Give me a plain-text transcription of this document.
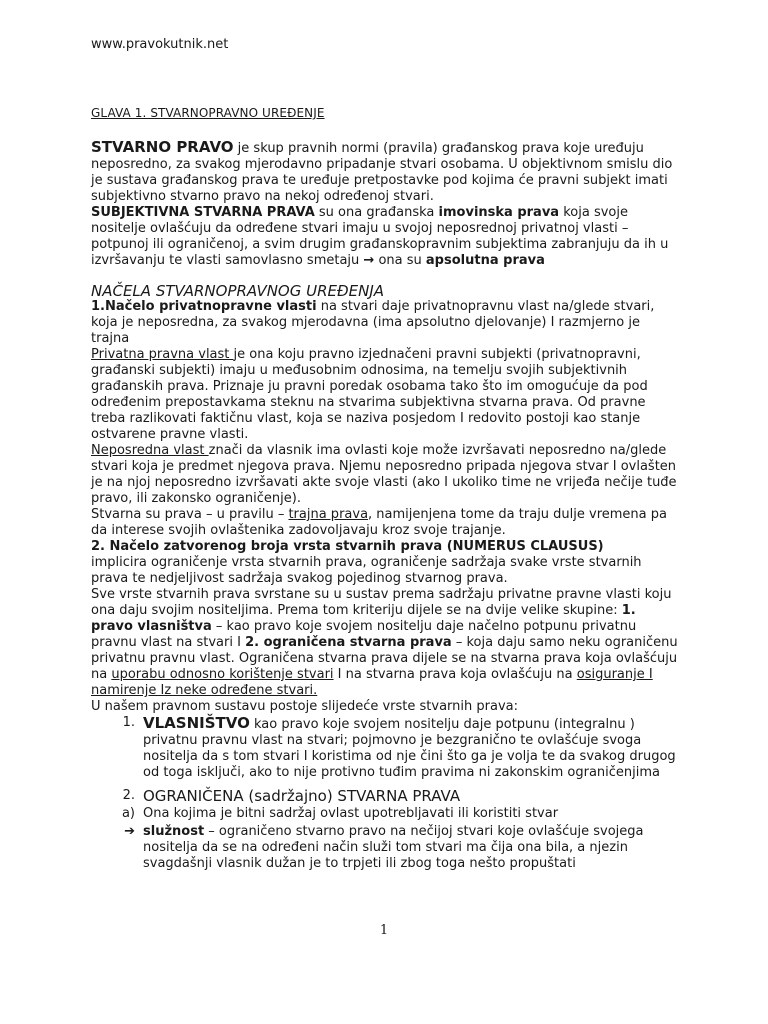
www.pravokutnik.net

GLAVA 1. STVARNOPRAVNO UREĐENJE

STVARNO PRAVO je skup pravnih normi (pravila) građanskog prava koje uređuju neposredno, za svakog mjerodavno pripadanje stvari osobama. U objektivnom smislu dio je sustava građanskog prava te uređuje pretpostavke pod kojima će pravni subjekt imati subjektivno stvarno pravo na nekoj određenoj stvari.

SUBJEKTIVNA STVARNA PRAVA su ona građanska imovinska prava koja svoje nositelje ovlašćuju da određene stvari imaju u svojoj neposrednoj privatnoj vlasti – potpunoj ili ograničenoj, a svim drugim građanskopravnim subjektima zabranjuju da ih u izvršavanju te vlasti samovlasno smetaju → ona su apsolutna prava

NAČELA STVARNOPRAVNOG UREĐENJA

1.Načelo privatnopravne vlasti na stvari daje privatnopravnu vlast na/glede stvari, koja je neposredna, za svakog mjerodavna (ima apsolutno djelovanje) I razmjerno je trajna

Privatna pravna vlast je ona koju pravno izjednačeni pravni subjekti (privatnopravni, građanski subjekti) imaju u međusobnim odnosima, na temelju svojih subjektivnih građanskih prava. Priznaje ju pravni poredak osobama tako što im omogućuje da pod određenim prepostavkama steknu na stvarima subjektivna stvarna prava. Od pravne treba razlikovati faktičnu vlast, koja se naziva posjedom I redovito postoji kao stanje ostvarene pravne vlasti.

Neposredna vlast znači da vlasnik ima ovlasti koje može izvršavati neposredno na/glede stvari koja je predmet njegova prava. Njemu neposredno pripada njegova stvar I ovlašten je na njoj neposredno izvršavati akte svoje vlasti (ako I ukoliko time ne vrijeđa nečije tuđe pravo, ili zakonsko ograničenje).

Stvarna su prava – u pravilu – trajna prava, namijenjena tome da traju dulje vremena pa da interese svojih ovlaštenika zadovoljavaju kroz svoje trajanje.

2. Načelo zatvorenog broja vrsta stvarnih prava (NUMERUS CLAUSUS)

implicira ograničenje vrsta stvarnih prava, ograničenje sadržaja svake vrste stvarnih prava te nedjeljivost sadržaja svakog pojedinog stvarnog prava.

Sve vrste stvarnih prava svrstane su u sustav prema sadržaju privatne pravne vlasti koju ona daju svojim nositeljima. Prema tom kriteriju dijele se na dvije velike skupine: 1. pravo vlasništva – kao pravo koje svojem nositelju daje načelno potpunu privatnu pravnu vlast na stvari I 2. ograničena stvarna prava – koja daju samo neku ograničenu privatnu pravnu vlast. Ograničena stvarna prava dijele se na stvarna prava koja ovlašćuju na uporabu odnosno korištenje stvari I na stvarna prava koja ovlašćuju na osiguranje I namirenje Iz neke određene stvari.

U našem pravnom sustavu postoje slijedeće vrste stvarnih prava:

1. VLASNIŠTVO kao pravo koje svojem nositelju daje potpunu (integralnu ) privatnu pravnu vlast na stvari; pojmovno je bezgranično te ovlašćuje svoga nositelja da s tom stvari I koristima od nje čini što ga je volja te da svakog drugog od toga isključi, ako to nije protivno tuđim pravima ni zakonskim ograničenjima
2. OGRANIČENA (sadržajno) STVARNA PRAVA
a) Ona kojima je bitni sadržaj ovlast upotrebljavati ili koristiti stvar
➔ služnost – ograničeno stvarno pravo na nečijoj stvari koje ovlašćuje svojega nositelja da se na određeni način služi tom stvari ma čija ona bila, a njezin svagdašnji vlasnik dužan je to trpjeti ili zbog toga nešto propuštati
1
